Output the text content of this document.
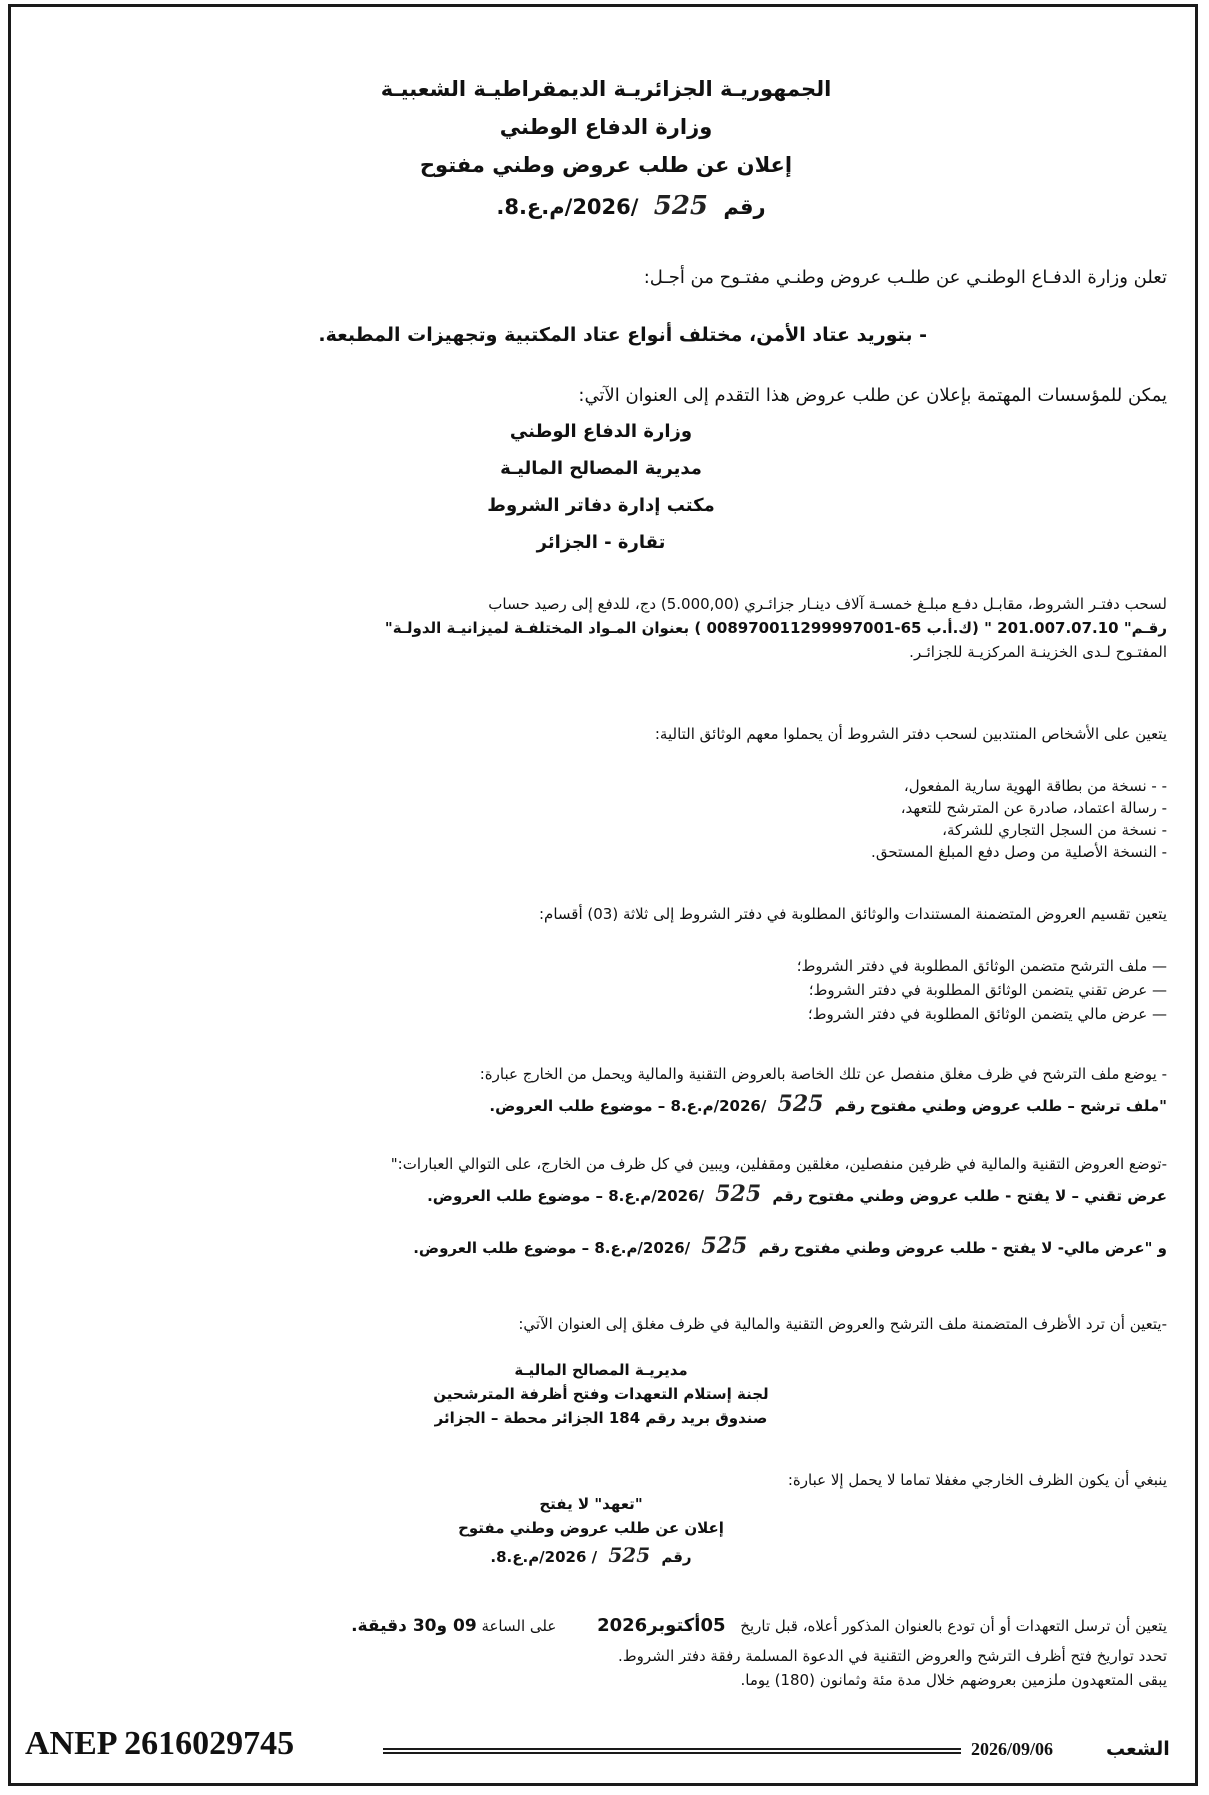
الجمهوريـة الجزائريـة الديمقراطيـة الشعبيـة
وزارة الدفاع الوطني
إعلان عن طلب عروض وطني مفتوح
رقم 525 /2026/م.ع.8.
تعلن وزارة الدفـاع الوطنـي عن طلـب عروض وطنـي مفتـوح من أجـل:
- بتوريد عتاد الأمن، مختلف أنواع عتاد المكتبية وتجهيزات المطبعة.
يمكن للمؤسسات المهتمة بإعلان عن طلب عروض هذا التقدم إلى العنوان الآتي:
وزارة الدفاع الوطني
مديرية المصالح الماليـة
مكتب إدارة دفاتر الشروط
تقارة - الجزائر
لسحب دفتـر الشروط، مقابـل دفـع مبلـغ خمسـة آلاف دينـار جزائـري (5.000,00) دج، للدفع إلى رصيد حساب
رقـم" 201.007.07.10 " (ك.أ.ب 65-008970011299997001 ) بعنوان المـواد المختلفـة لميزانيـة الدولـة"
المفتـوح لـدى الخزينـة المركزيـة للجزائـر.
يتعين على الأشخاص المنتدبين لسحب دفتر الشروط أن يحملوا معهم الوثائق التالية:
- - نسخة من بطاقة الهوية سارية المفعول،
- رسالة اعتماد، صادرة عن المترشح للتعهد،
- نسخة من السجل التجاري للشركة،
- النسخة الأصلية من وصل دفع المبلغ المستحق.
يتعين تقسيم العروض المتضمنة المستندات والوثائق المطلوبة في دفتر الشروط إلى ثلاثة (03) أقسام:
— ملف الترشح متضمن الوثائق المطلوبة في دفتر الشروط؛
— عرض تقني يتضمن الوثائق المطلوبة في دفتر الشروط؛
— عرض مالي يتضمن الوثائق المطلوبة في دفتر الشروط؛
- يوضع ملف الترشح في ظرف مغلق منفصل عن تلك الخاصة بالعروض التقنية والمالية ويحمل من الخارج عبارة:
"ملف ترشح – طلب عروض وطني مفتوح رقم 525 /2026/م.ع.8 – موضوع طلب العروض.
-توضع العروض التقنية والمالية في ظرفين منفصلين، مغلقين ومقفلين، ويبين في كل ظرف من الخارج، على التوالي العبارات:"
عرض تقني – لا يفتح - طلب عروض وطني مفتوح رقم 525 /2026/م.ع.8 – موضوع طلب العروض.
و "عرض مالي- لا يفتح - طلب عروض وطني مفتوح رقم 525 /2026/م.ع.8 – موضوع طلب العروض.
-يتعين أن ترد الأظرف المتضمنة ملف الترشح والعروض التقنية والمالية في ظرف مغلق إلى العنوان الآتي:
مديريـة المصالح الماليـة
لجنة إستلام التعهدات وفتح أظرفة المترشحين
صندوق بريد رقم 184 الجزائر محطة – الجزائر
ينبغي أن يكون الظرف الخارجي مغفلا تماما لا يحمل إلا عبارة:
"تعهد" لا يفتح
إعلان عن طلب عروض وطني مفتوح
رقم 525 / 2026/م.ع.8.
يتعين أن ترسل التعهدات أو أن تودع بالعنوان المذكور أعلاه، قبل تاريخ 05أكتوبر2026 على الساعة 09 و30 دقيقة.
تحدد تواريخ فتح أظرف الترشح والعروض التقنية في الدعوة المسلمة رفقة دفتر الشروط.
يبقى المتعهدون ملزمين بعروضهم خلال مدة مئة وثمانون (180) يوما.
ANEP 2616029745	2026/09/06	الشعب
